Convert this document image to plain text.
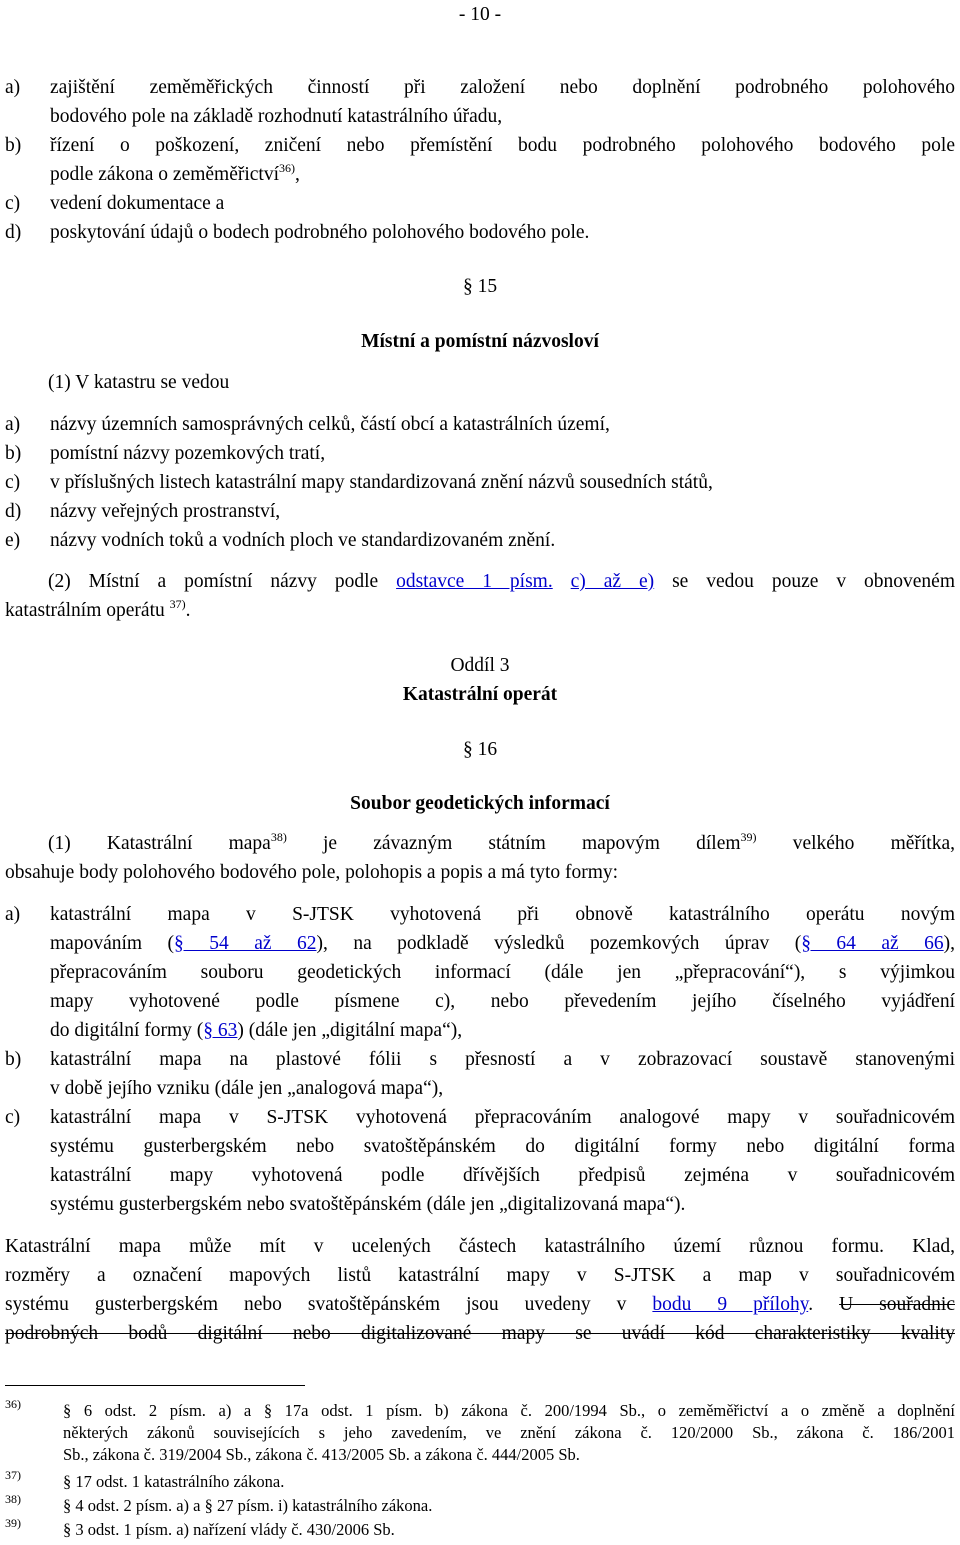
- 10 -
a) zajištění zeměměřických činností při založení nebo doplnění podrobného polohového
bodového pole na základě rozhodnutí katastrálního úřadu,
b) řízení o poškození, zničení nebo přemístění bodu podrobného polohového bodového pole
podle zákona o zeměměřictví$^{36)}$,
c) vedení dokumentace a
d) poskytování údajů o bodech podrobného polohového bodového pole.
§ 15
Místní a pomístní názvosloví
(1) V katastru se vedou
a) názvy územních samosprávných celků, částí obcí a katastrálních území,
b) pomístní názvy pozemkových tratí,
c) v příslušných listech katastrální mapy standardizovaná znění názvů sousedních států,
d) názvy veřejných prostranství,
e) názvy vodních toků a vodních ploch ve standardizovaném znění.
(2) Místní a pomístní názvy podle odstavce 1 písm. c) až e) se vedou pouze v obnoveném
katastrálním operátu $^{37)}$.
Oddíl 3
Katastrální operát
§ 16
Soubor geodetických informací
(1) Katastrální mapa$^{38)}$ je závazným státním mapovým dílem$^{39)}$ velkého měřítka,
obsahuje body polohového bodového pole, polohopis a popis a má tyto formy:
a) katastrální mapa v S-JTSK vyhotovená při obnově katastrálního operátu novým
mapováním (§ 54 až 62), na podkladě výsledků pozemkových úprav (§ 64 až 66),
přepracováním souboru geodetických informací (dále jen „přepracování“), s výjimkou
mapy vyhotovené podle písmene c), nebo převedením jejího číselného vyjádření
do digitální formy (§ 63) (dále jen „digitální mapa“),
b) katastrální mapa na plastové fólii s přesností a v zobrazovací soustavě stanovenými
v době jejího vzniku (dále jen „analogová mapa“),
c) katastrální mapa v S-JTSK vyhotovená přepracováním analogové mapy v souřadnicovém
systému gusterbergském nebo svatoštěpánském do digitální formy nebo digitální forma
katastrální mapy vyhotovená podle dřívějších předpisů zejména v souřadnicovém
systému gusterbergském nebo svatoštěpánském (dále jen „digitalizovaná mapa“).
Katastrální mapa může mít v ucelených částech katastrálního území různou formu. Klad,
rozměry a označení mapových listů katastrální mapy v S-JTSK a map v souřadnicovém
systému gusterbergském nebo svatoštěpánském jsou uvedeny v bodu 9 přílohy. U souřadnic
podrobných bodů digitální nebo digitalizované mapy se uvádí kód charakteristiky kvality
36)	§ 6 odst. 2 písm. a) a § 17a odst. 1 písm. b) zákona č. 200/1994 Sb., o zeměměřictví a o změně a doplnění
některých zákonů souvisejících s jeho zavedením, ve znění zákona č. 120/2000 Sb., zákona č. 186/2001
Sb., zákona č. 319/2004 Sb., zákona č. 413/2005 Sb. a zákona č. 444/2005 Sb.
37)	§ 17 odst. 1 katastrálního zákona.
38)	§ 4 odst. 2 písm. a) a § 27 písm. i) katastrálního zákona.
39)	§ 3 odst. 1 písm. a) nařízení vlády č. 430/2006 Sb.
